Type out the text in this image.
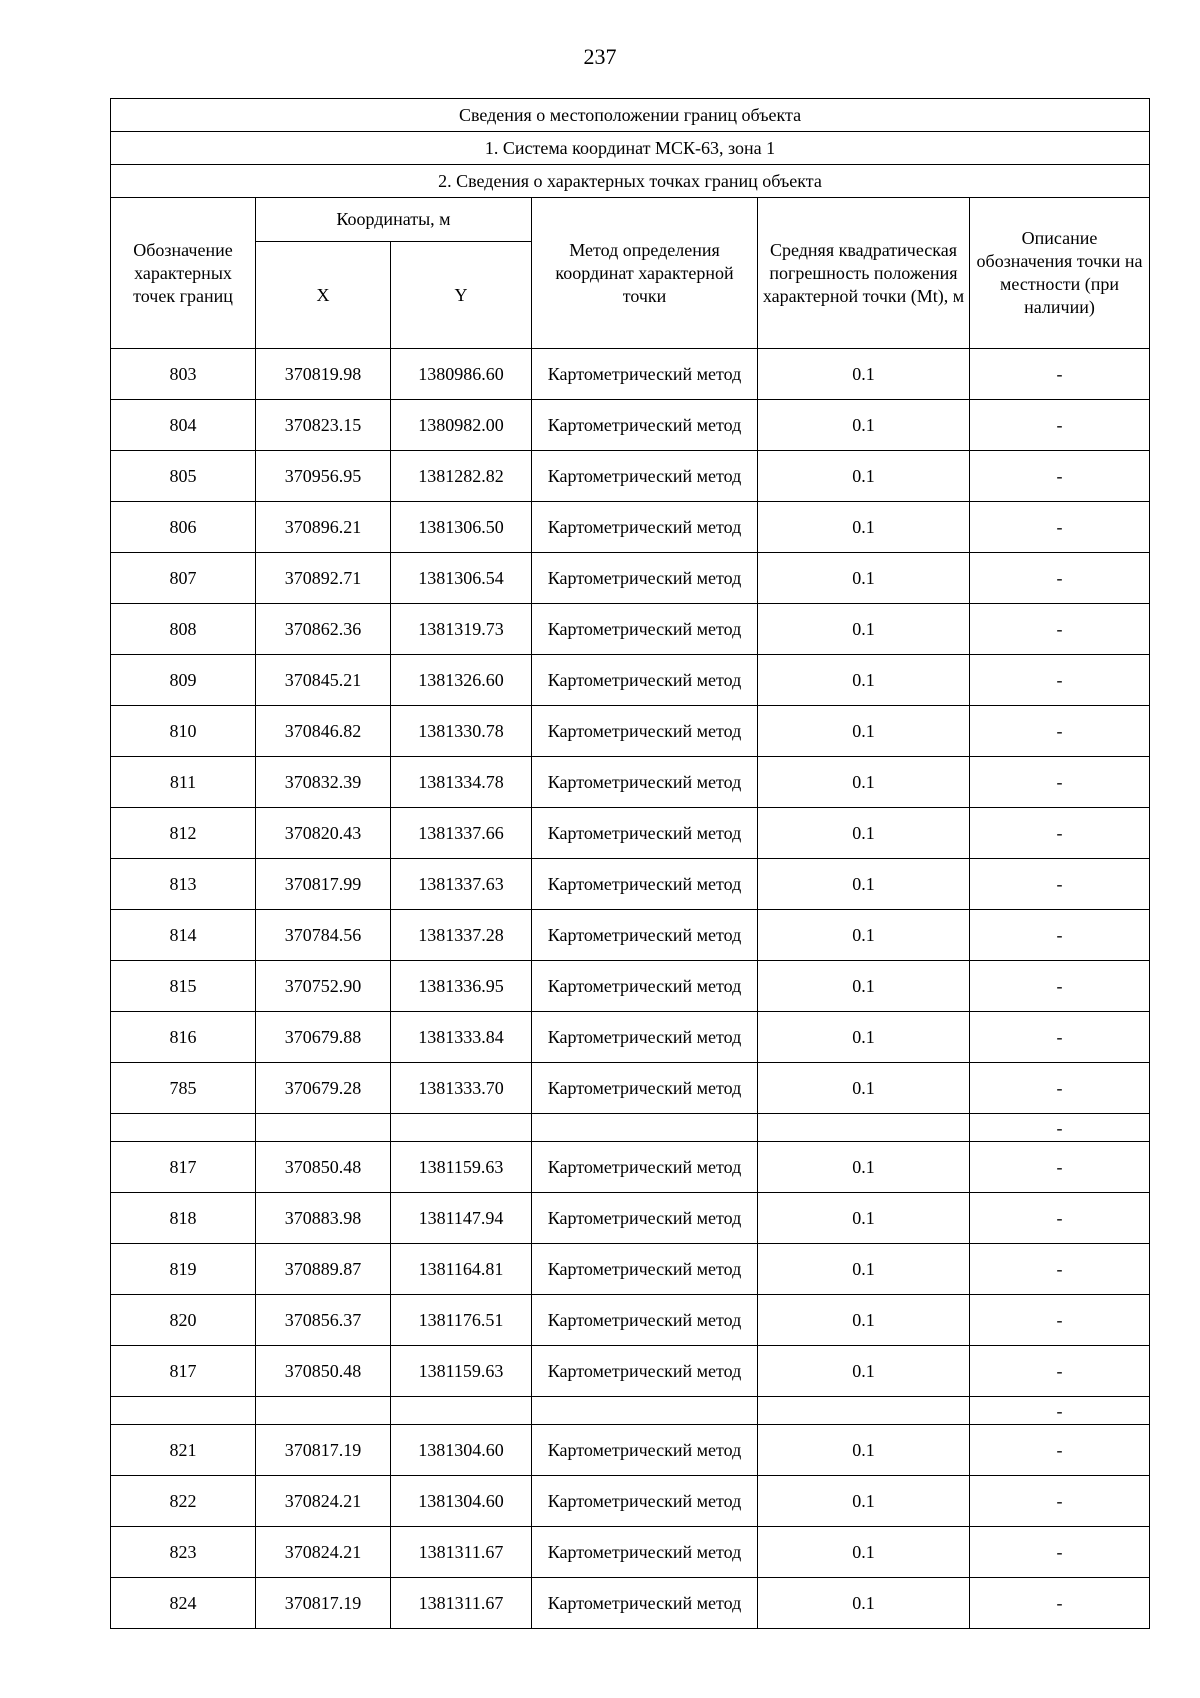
237
Сведения о местоположении границ объекта					
1. Система координат МСК-63, зона 1					
2. Сведения о характерных точках границ объекта					
Обозначение характерных точек границ	Координаты, м		Метод определения координат характерной точки	Средняя квадратическая погрешность положения характерной точки (Mt), м	Описание обозначения точки на местности (при наличии)
	X	Y			
803	370819.98	1380986.60	Картометрический метод	0.1	-
804	370823.15	1380982.00	Картометрический метод	0.1	-
805	370956.95	1381282.82	Картометрический метод	0.1	-
806	370896.21	1381306.50	Картометрический метод	0.1	-
807	370892.71	1381306.54	Картометрический метод	0.1	-
808	370862.36	1381319.73	Картометрический метод	0.1	-
809	370845.21	1381326.60	Картометрический метод	0.1	-
810	370846.82	1381330.78	Картометрический метод	0.1	-
811	370832.39	1381334.78	Картометрический метод	0.1	-
812	370820.43	1381337.66	Картометрический метод	0.1	-
813	370817.99	1381337.63	Картометрический метод	0.1	-
814	370784.56	1381337.28	Картометрический метод	0.1	-
815	370752.90	1381336.95	Картометрический метод	0.1	-
816	370679.88	1381333.84	Картометрический метод	0.1	-
785	370679.28	1381333.70	Картометрический метод	0.1	-
					-
817	370850.48	1381159.63	Картометрический метод	0.1	-
818	370883.98	1381147.94	Картометрический метод	0.1	-
819	370889.87	1381164.81	Картометрический метод	0.1	-
820	370856.37	1381176.51	Картометрический метод	0.1	-
817	370850.48	1381159.63	Картометрический метод	0.1	-
					-
821	370817.19	1381304.60	Картометрический метод	0.1	-
822	370824.21	1381304.60	Картометрический метод	0.1	-
823	370824.21	1381311.67	Картометрический метод	0.1	-
824	370817.19	1381311.67	Картометрический метод	0.1	-
